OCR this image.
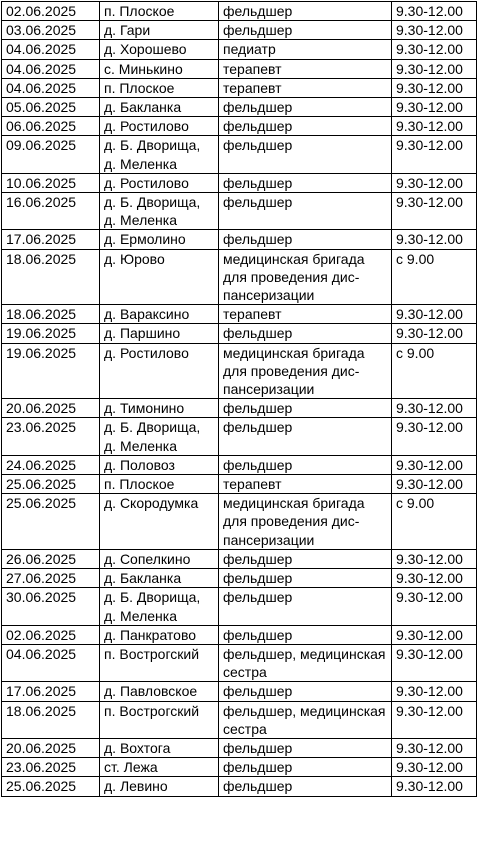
02.06.2025	п. Плоское	фельдшер	9.30-12.00
03.06.2025	д. Гари	фельдшер	9.30-12.00
04.06.2025	д. Хорошево	педиатр	9.30-12.00
04.06.2025	с. Минькино	терапевт	9.30-12.00
04.06.2025	п. Плоское	терапевт	9.30-12.00
05.06.2025	д. Бакланка	фельдшер	9.30-12.00
06.06.2025	д. Ростилово	фельдшер	9.30-12.00
09.06.2025	д. Б. Дворища, д. Меленка	фельдшер	9.30-12.00
10.06.2025	д. Ростилово	фельдшер	9.30-12.00
16.06.2025	д. Б. Дворища, д. Меленка	фельдшер	9.30-12.00
17.06.2025	д. Ермолино	фельдшер	9.30-12.00
18.06.2025	д. Юрово	медицинская бригада для проведения диспансеризации	с 9.00
18.06.2025	д. Вараксино	терапевт	9.30-12.00
19.06.2025	д. Паршино	фельдшер	9.30-12.00
19.06.2025	д. Ростилово	медицинская бригада для проведения диспансеризации	с 9.00
20.06.2025	д. Тимонино	фельдшер	9.30-12.00
23.06.2025	д. Б. Дворища, д. Меленка	фельдшер	9.30-12.00
24.06.2025	д. Половоз	фельдшер	9.30-12.00
25.06.2025	п. Плоское	терапевт	9.30-12.00
25.06.2025	д. Скородумка	медицинская бригада для проведения диспансеризации	с 9.00
26.06.2025	д. Сопелкино	фельдшер	9.30-12.00
27.06.2025	д. Бакланка	фельдшер	9.30-12.00
30.06.2025	д. Б. Дворища, д. Меленка	фельдшер	9.30-12.00
02.06.2025	д. Панкратово	фельдшер	9.30-12.00
04.06.2025	п. Вострогский	фельдшер, медицинская сестра	9.30-12.00
17.06.2025	д. Павловское	фельдшер	9.30-12.00
18.06.2025	п. Вострогский	фельдшер, медицинская сестра	9.30-12.00
20.06.2025	д. Вохтога	фельдшер	9.30-12.00
23.06.2025	ст. Лежа	фельдшер	9.30-12.00
25.06.2025	д. Левино	фельдшер	9.30-12.00
